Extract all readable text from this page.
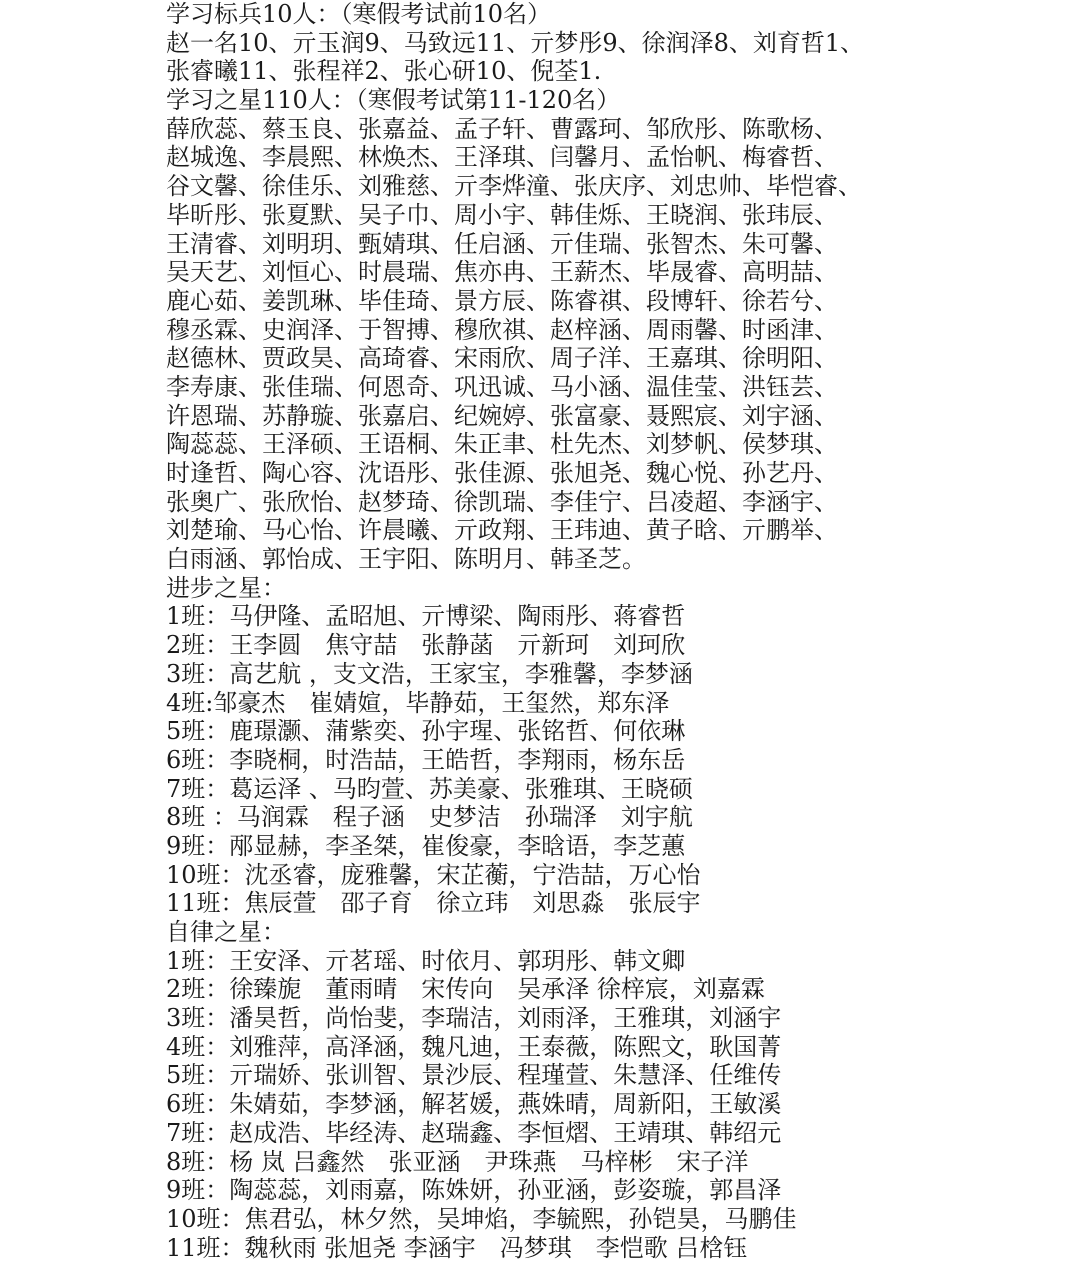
学习标兵10人：（寒假考试前10名）
赵一名10、亓玉润9、马致远11、亓梦彤9、徐润泽8、刘育哲1、
张睿曦11、张程祥2、张心研10、倪荃1.
学习之星110人：（寒假考试第11-120名）
薛欣蕊、蔡玉良、张嘉益、孟子轩、曹露珂、邹欣彤、陈歌杨、
赵城逸、李晨熙、林焕杰、王泽琪、闫馨月、孟怡帆、梅睿哲、
谷文馨、徐佳乐、刘雅慈、亓李烨潼、张庆序、刘忠帅、毕恺睿、
毕昕彤、张夏默、吴子巾、周小宇、韩佳烁、王晓润、张玮辰、
王清睿、刘明玥、甄婧琪、任启涵、亓佳瑞、张智杰、朱可馨、
吴天艺、刘恒心、时晨瑞、焦亦冉、王薪杰、毕晟睿、高明喆、
鹿心茹、姜凯琳、毕佳琦、景方辰、陈睿祺、段博轩、徐若兮、
穆丞霖、史润泽、于智搏、穆欣祺、赵梓涵、周雨馨、时函津、
赵德林、贾政昊、高琦睿、宋雨欣、周子洋、王嘉琪、徐明阳、
李寿康、张佳瑞、何恩奇、巩迅诚、马小涵、温佳莹、洪钰芸、
许恩瑞、苏静璇、张嘉启、纪婉婷、张富豪、聂熙宸、刘宇涵、
陶蕊蕊、王泽硕、王语桐、朱正聿、杜先杰、刘梦帆、侯梦琪、
时逢哲、陶心容、沈语彤、张佳源、张旭尧、魏心悦、孙艺丹、
张奥广、张欣怡、赵梦琦、徐凯瑞、李佳宁、吕凌超、李涵宇、
刘楚瑜、马心怡、许晨曦、亓政翔、王玮迪、黄子晗、亓鹏举、
白雨涵、郭怡成、王宇阳、陈明月、韩圣芝。
进步之星：
1班：马伊隆、孟昭旭、亓博梁、陶雨彤、蒋睿哲
2班：王李圆　焦守喆　张静菡　亓新珂　刘珂欣
3班：高艺航 ，支文浩，王家宝，李雅馨，李梦涵
4班:邹豪杰　崔婧媗，毕静茹，王玺然，郑东泽
5班：鹿璟灏、蒲紫奕、孙宇瑆、张铭哲、何依琳
6班：李晓桐，时浩喆，王皓哲，李翔雨，杨东岳
7班：葛运泽 、马昀萱、苏美豪、张雅琪、王晓硕
8班 ：马润霖　程子涵　史梦洁　孙瑞泽　刘宇航
9班：邴显赫，李圣桀，崔俊豪，李晗语，李芝蕙
10班：沈丞睿，庞雅馨，宋芷蘅，宁浩喆，万心怡
11班：焦辰萱　邵子育　徐立玮　刘思淼　张辰宇
自律之星：
1班：王安泽、亓茗瑶、时依月、郭玥彤、韩文卿
2班：徐臻旎　董雨晴　宋传向　吴承泽 徐梓宸，刘嘉霖
3班：潘昊哲，尚怡斐，李瑞洁，刘雨泽，王雅琪，刘涵宇
4班：刘雅萍，高泽涵，魏凡迪，王泰薇，陈熙文，耿国菁
5班：亓瑞娇、张训智、景沙辰、程瑾萱、朱慧泽、任维传
6班：朱婧茹，李梦涵，解茗媛，燕姝晴，周新阳，王敏溪
7班：赵成浩、毕经涛、赵瑞鑫、李恒熠、王靖琪、韩绍元
8班：杨 岚 吕鑫然　张亚涵　尹珠燕　马梓彬　宋子洋
9班：陶蕊蕊，刘雨嘉，陈姝妍，孙亚涵，彭姿璇，郭昌泽
10班：焦君弘，林夕然，吴坤焰，李毓熙，孙铠昊，马鹏佳
11班：魏秋雨 张旭尧 李涵宇　冯梦琪　李恺歌 吕梒钰
